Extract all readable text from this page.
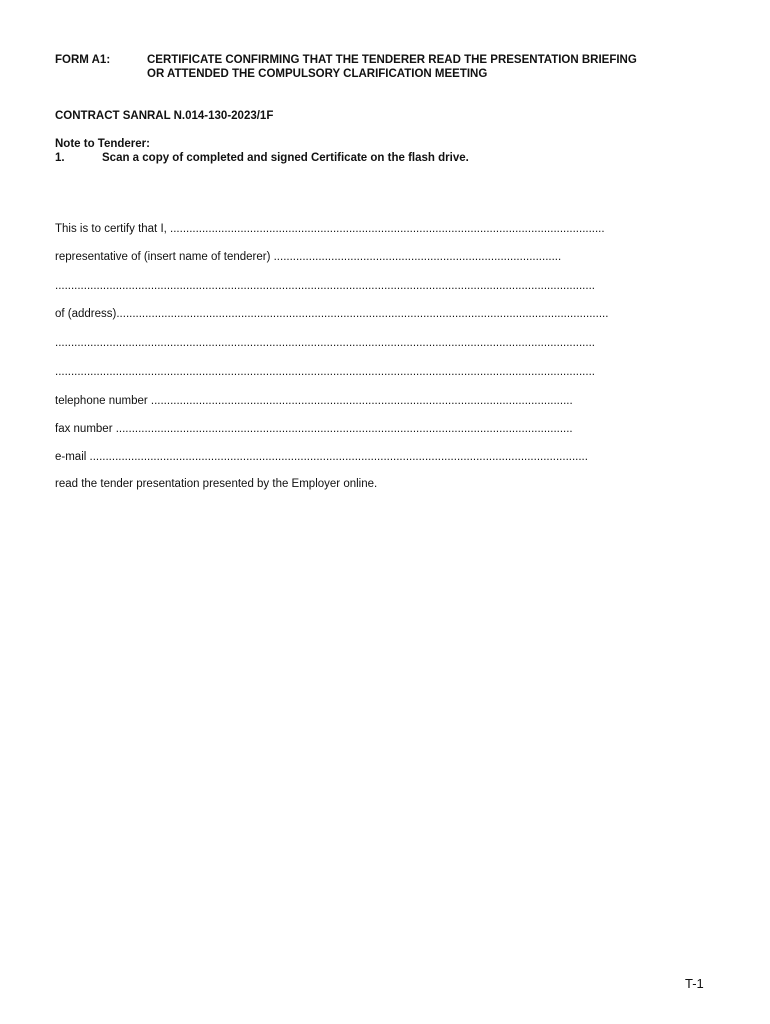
FORM A1:	CERTIFICATE CONFIRMING THAT THE TENDERER READ THE PRESENTATION BRIEFING
OR ATTENDED THE COMPULSORY CLARIFICATION MEETING
CONTRACT SANRAL N.014-130-2023/1F
Note to Tenderer:
1.	Scan a copy of completed and signed Certificate on the flash drive.
This is to certify that I, ........................................................................................................................................
representative of (insert name of tenderer) ..........................................................................................
.........................................................................................................................................................................
of (address)..........................................................................................................................................................
.........................................................................................................................................................................
.........................................................................................................................................................................
telephone number ....................................................................................................................................
fax number ...............................................................................................................................................
e-mail ............................................................................................................................................................
read the tender presentation presented by the Employer online.
T-1
